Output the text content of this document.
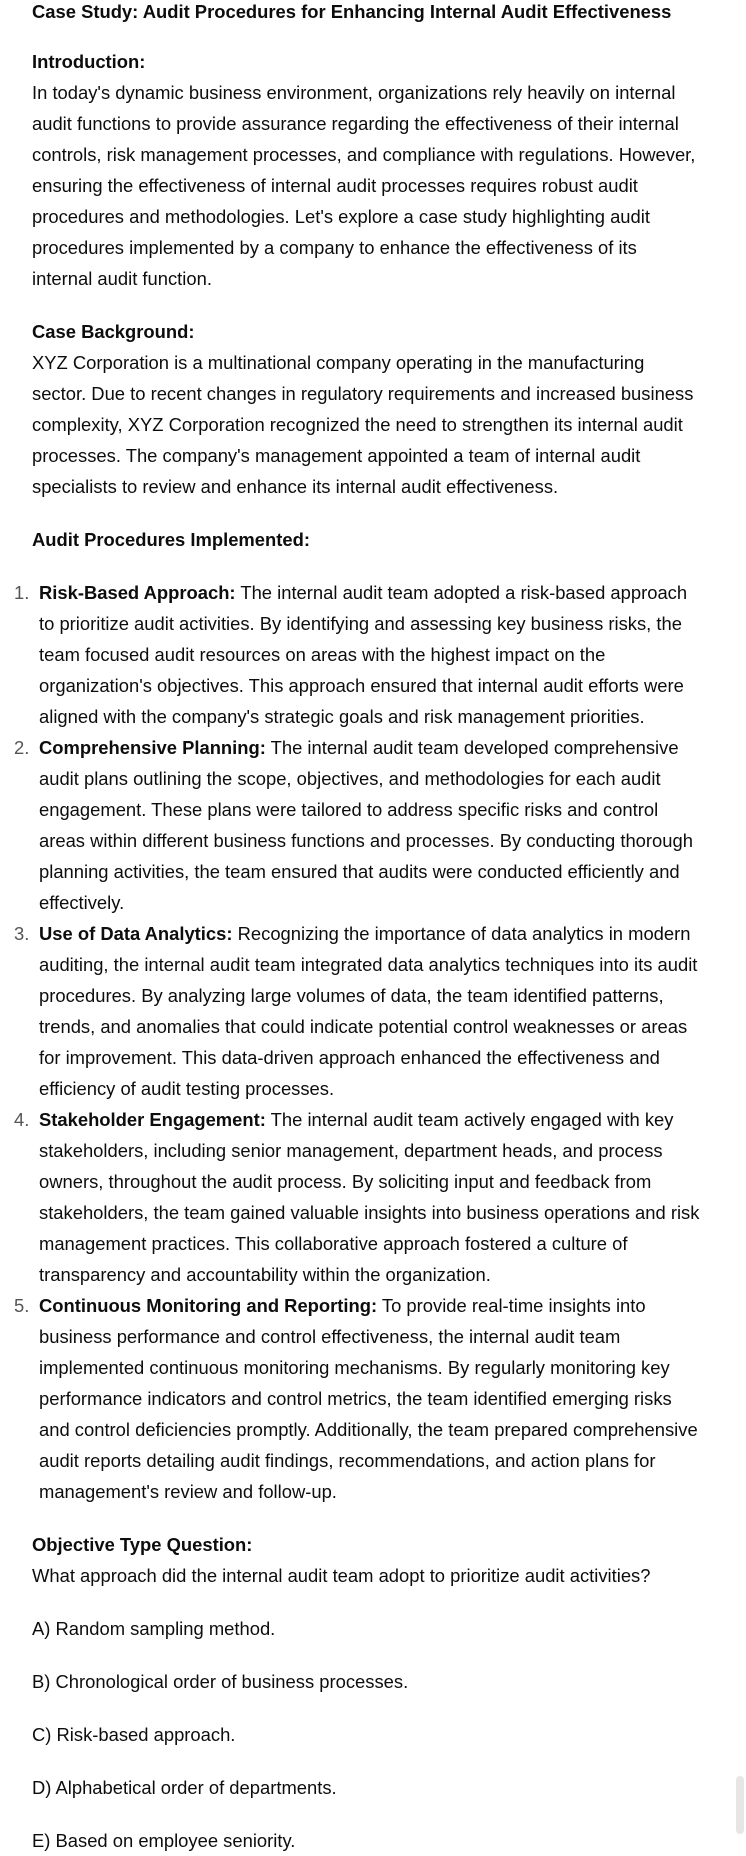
Case Study: Audit Procedures for Enhancing Internal Audit Effectiveness

Introduction:

In today's dynamic business environment, organizations rely heavily on internal audit functions to provide assurance regarding the effectiveness of their internal controls, risk management processes, and compliance with regulations. However, ensuring the effectiveness of internal audit processes requires robust audit procedures and methodologies. Let's explore a case study highlighting audit procedures implemented by a company to enhance the effectiveness of its internal audit function.

Case Background:

XYZ Corporation is a multinational company operating in the manufacturing sector. Due to recent changes in regulatory requirements and increased business complexity, XYZ Corporation recognized the need to strengthen its internal audit processes. The company's management appointed a team of internal audit specialists to review and enhance its internal audit effectiveness.

Audit Procedures Implemented:
1. Risk-Based Approach: The internal audit team adopted a risk-based approach to prioritize audit activities. By identifying and assessing key business risks, the team focused audit resources on areas with the highest impact on the organization's objectives. This approach ensured that internal audit efforts were aligned with the company's strategic goals and risk management priorities.
2. Comprehensive Planning: The internal audit team developed comprehensive audit plans outlining the scope, objectives, and methodologies for each audit engagement. These plans were tailored to address specific risks and control areas within different business functions and processes. By conducting thorough planning activities, the team ensured that audits were conducted efficiently and effectively.
3. Use of Data Analytics: Recognizing the importance of data analytics in modern auditing, the internal audit team integrated data analytics techniques into its audit procedures. By analyzing large volumes of data, the team identified patterns, trends, and anomalies that could indicate potential control weaknesses or areas for improvement. This data-driven approach enhanced the effectiveness and efficiency of audit testing processes.
4. Stakeholder Engagement: The internal audit team actively engaged with key stakeholders, including senior management, department heads, and process owners, throughout the audit process. By soliciting input and feedback from stakeholders, the team gained valuable insights into business operations and risk management practices. This collaborative approach fostered a culture of transparency and accountability within the organization.
5. Continuous Monitoring and Reporting: To provide real-time insights into business performance and control effectiveness, the internal audit team implemented continuous monitoring mechanisms. By regularly monitoring key performance indicators and control metrics, the team identified emerging risks and control deficiencies promptly. Additionally, the team prepared comprehensive audit reports detailing audit findings, recommendations, and action plans for management's review and follow-up.
Objective Type Question:

What approach did the internal audit team adopt to prioritize audit activities?

A) Random sampling method.

B) Chronological order of business processes.

C) Risk-based approach.

D) Alphabetical order of departments.

E) Based on employee seniority.
